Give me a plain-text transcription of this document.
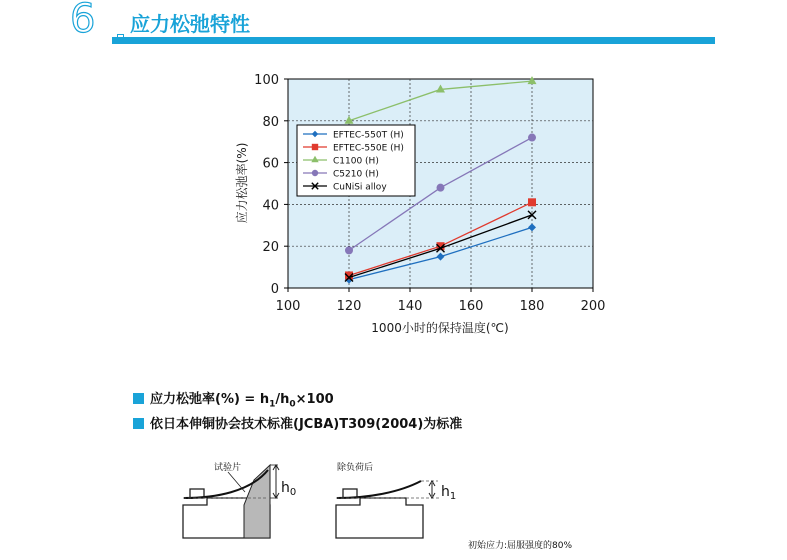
6 应力松弛特性
100	120	140	160	180	200
0
20
40
60
80
100
EFTEC-550T (H)
EFTEC-550E (H)
C1100 (H)
C5210 (H)
CuNiSi alloy
1000小时的保持温度(℃)
应力松弛率(%)
应力松弛率(%) = $h_1/h_0\times 100$
依日本伸铜协会技术标准(JCBA)T309(2004)为标准
试验片
$h_0$
除负荷后
$h_1$
初始应力:屈服强度的80%
